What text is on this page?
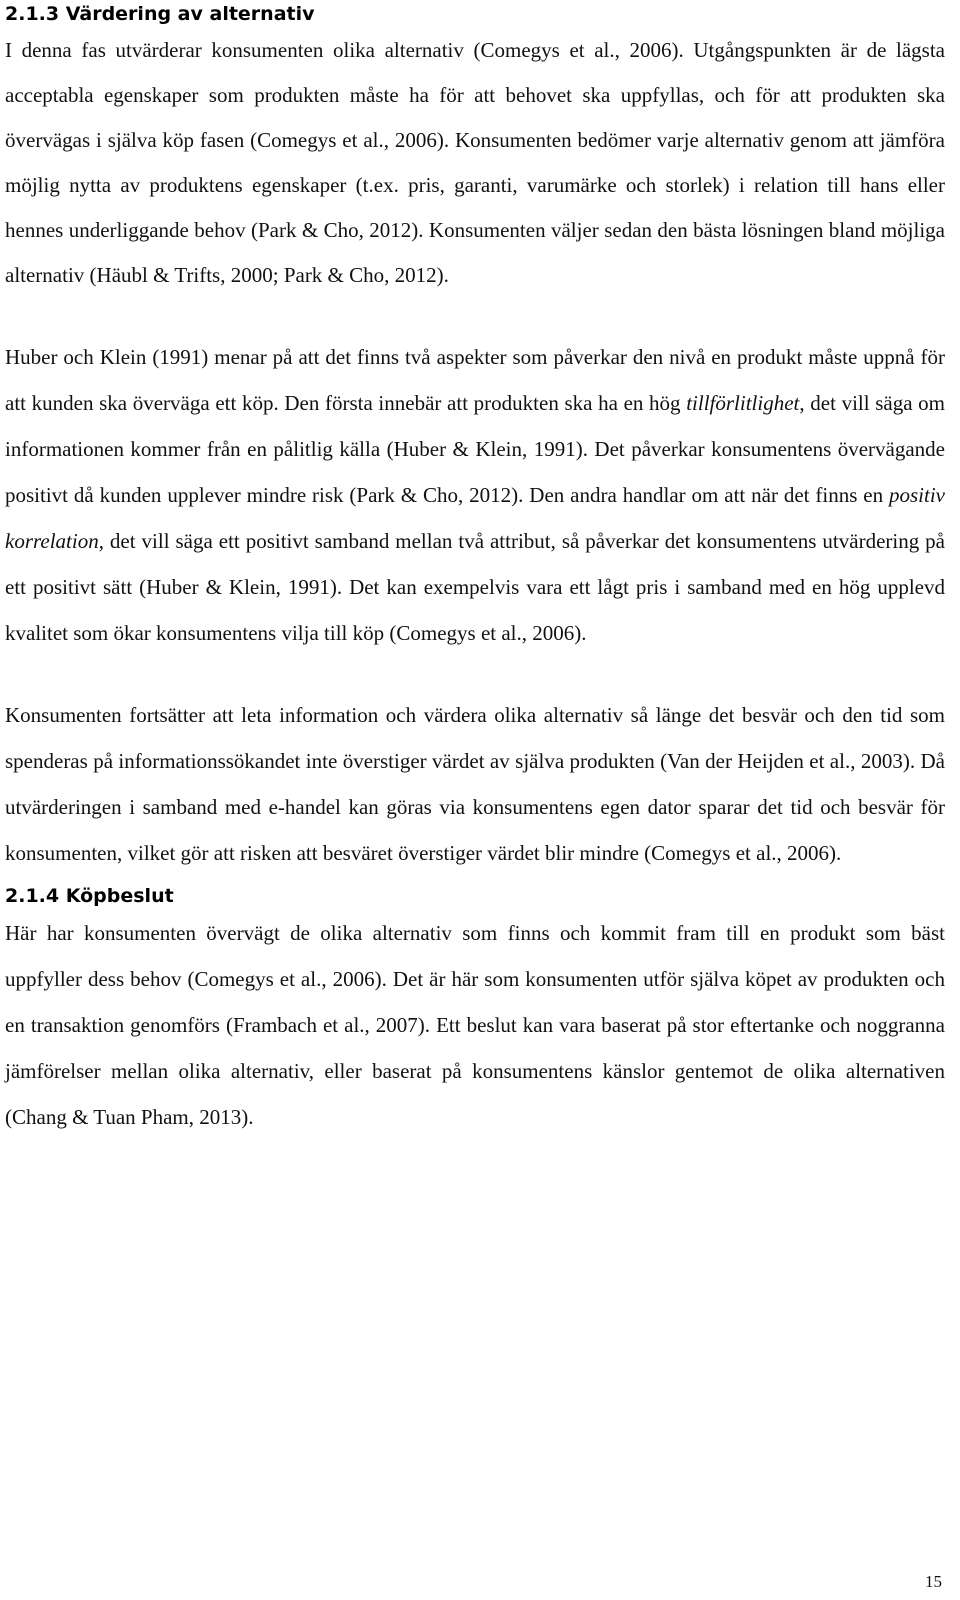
2.1.3 Värdering av alternativ

I denna fas utvärderar konsumenten olika alternativ (Comegys et al., 2006). Utgångspunkten är de lägsta acceptabla egenskaper som produkten måste ha för att behovet ska uppfyllas, och för att produkten ska övervägas i själva köp fasen (Comegys et al., 2006). Konsumenten bedömer varje alternativ genom att jämföra möjlig nytta av produktens egenskaper (t.ex. pris, garanti, varumärke och storlek) i relation till hans eller hennes underliggande behov (Park & Cho, 2012). Konsumenten väljer sedan den bästa lösningen bland möjliga alternativ (Häubl & Trifts, 2000; Park & Cho, 2012).

Huber och Klein (1991) menar på att det finns två aspekter som påverkar den nivå en produkt måste uppnå för att kunden ska överväga ett köp. Den första innebär att produkten ska ha en hög tillförlitlighet, det vill säga om informationen kommer från en pålitlig källa (Huber & Klein, 1991). Det påverkar konsumentens övervägande positivt då kunden upplever mindre risk (Park & Cho, 2012). Den andra handlar om att när det finns en positiv korrelation, det vill säga ett positivt samband mellan två attribut, så påverkar det konsumentens utvärdering på ett positivt sätt (Huber & Klein, 1991). Det kan exempelvis vara ett lågt pris i samband med en hög upplevd kvalitet som ökar konsumentens vilja till köp (Comegys et al., 2006).

Konsumenten fortsätter att leta information och värdera olika alternativ så länge det besvär och den tid som spenderas på informationssökandet inte överstiger värdet av själva produkten (Van der Heijden et al., 2003). Då utvärderingen i samband med e-handel kan göras via konsumentens egen dator sparar det tid och besvär för konsumenten, vilket gör att risken att besväret överstiger värdet blir mindre (Comegys et al., 2006).

2.1.4 Köpbeslut

Här har konsumenten övervägt de olika alternativ som finns och kommit fram till en produkt som bäst uppfyller dess behov (Comegys et al., 2006). Det är här som konsumenten utför själva köpet av produkten och en transaktion genomförs (Frambach et al., 2007). Ett beslut kan vara baserat på stor eftertanke och noggranna jämförelser mellan olika alternativ, eller baserat på konsumentens känslor gentemot de olika alternativen (Chang & Tuan Pham, 2013).

15
